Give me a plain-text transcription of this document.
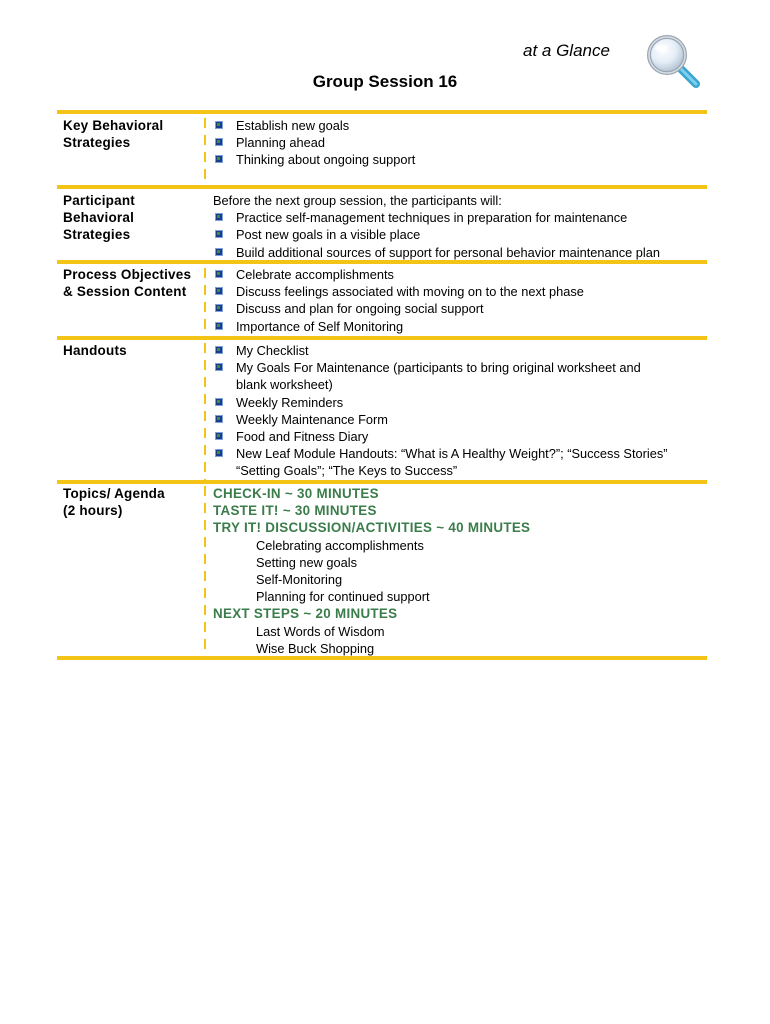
at a Glance
Group Session 16
Key Behavioral
Strategies
Establish new goals
Planning ahead
Thinking about ongoing support
Participant
Behavioral
Strategies
Before the next group session, the participants will:
Practice self-management techniques in preparation for maintenance
Post new goals in a visible place
Build additional sources of support for personal behavior maintenance plan
Process Objectives
& Session Content
Celebrate accomplishments
Discuss feelings associated with moving on to the next phase
Discuss and plan for ongoing social support
Importance of Self Monitoring
Handouts	My Checklist
My Goals For Maintenance (participants to bring original worksheet and
blank worksheet)
Weekly Reminders
Weekly Maintenance Form
Food and Fitness Diary
New Leaf Module Handouts: “What is A Healthy Weight?”; “Success Stories”
“Setting Goals”; “The Keys to Success”
Topics/ Agenda
(2 hours)
CHECK-IN ~ 30 MINUTES
TASTE IT! ~ 30 MINUTES
TRY IT! DISCUSSION/ACTIVITIES ~ 40 MINUTES
Celebrating accomplishments
Setting new goals
Self-Monitoring
Planning for continued support
NEXT STEPS ~ 20 MINUTES
Last Words of Wisdom
Wise Buck Shopping
